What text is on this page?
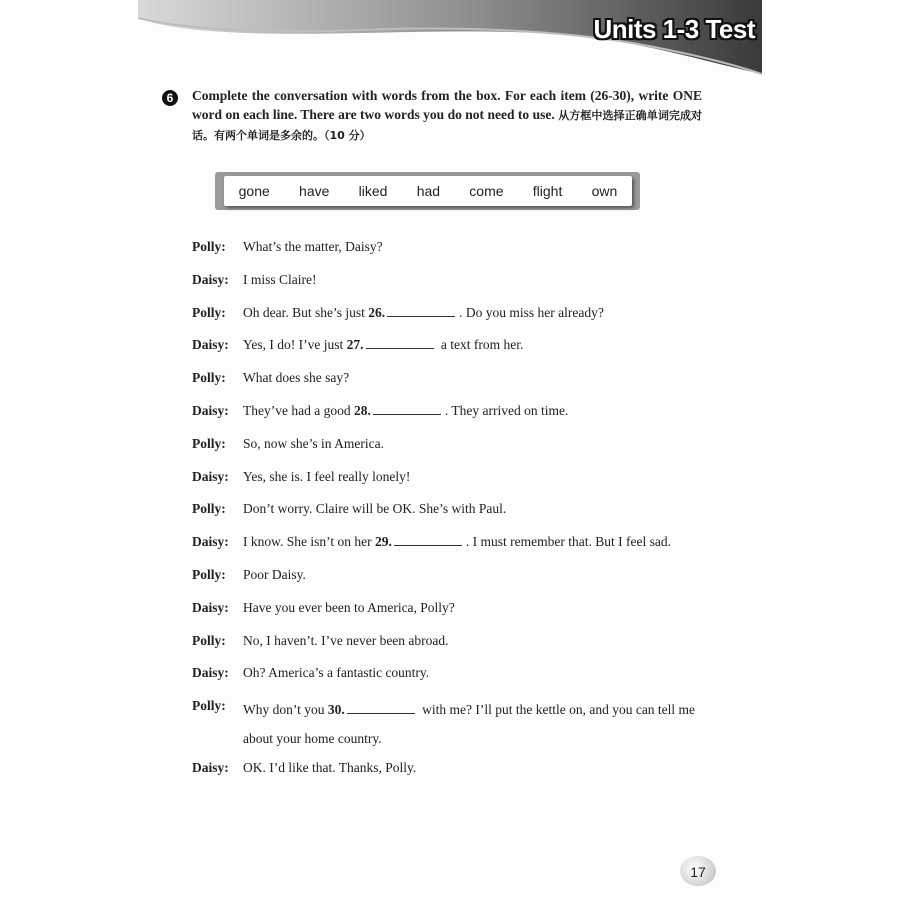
Units 1-3 Test
6	Complete the conversation with words from the box. For each item (26-30), write ONE word on each line. There are two words you do not need to use. 从方框中选择正确单词完成对话。有两个单词是多余的。（10 分）
gone have liked had come flight own
Polly:	What’s the matter, Daisy?
Daisy:	I miss Claire!
Polly:	Oh dear. But she’s just 26.	. Do you miss her already?
Daisy:	Yes, I do! I’ve just 27.	a text from her.
Polly:	What does she say?
Daisy:	They’ve had a good 28.	. They arrived on time.
Polly:	So, now she’s in America.
Daisy:	Yes, she is. I feel really lonely!
Polly:	Don’t worry. Claire will be OK. She’s with Paul.
Daisy:	I know. She isn’t on her 29.	. I must remember that. But I feel sad.
Polly:	Poor Daisy.
Daisy:	Have you ever been to America, Polly?
Polly:	No, I haven’t. I’ve never been abroad.
Daisy:	Oh? America’s a fantastic country.
Polly:	Why don’t you 30.	with me? I’ll put the kettle on, and you can tell me about your home country.
Daisy:	OK. I’d like that. Thanks, Polly.
17
